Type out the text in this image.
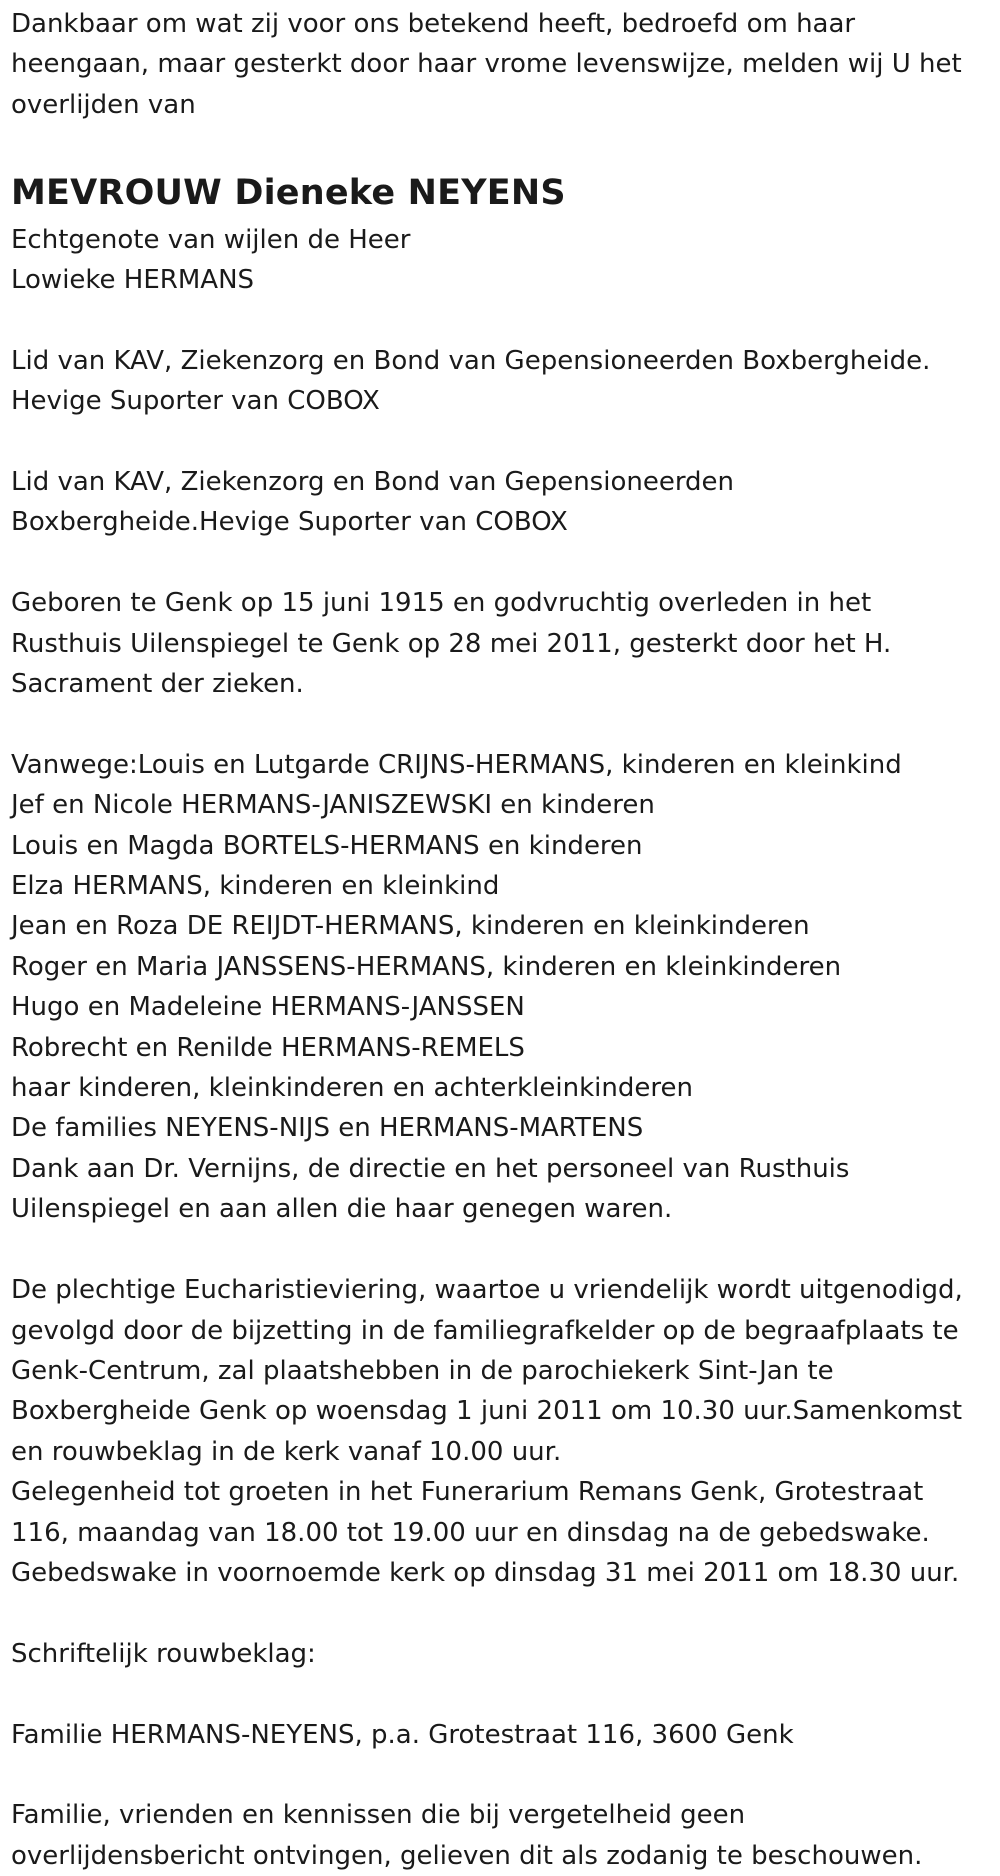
Dankbaar om wat zij voor ons betekend heeft, bedroefd om haar
heengaan, maar gesterkt door haar vrome levenswijze, melden wij U het
overlijden van
MEVROUW Dieneke NEYENS
Echtgenote van wijlen de Heer
Lowieke HERMANS
Lid van KAV, Ziekenzorg en Bond van Gepensioneerden Boxbergheide.
Hevige Suporter van COBOX
Lid van KAV, Ziekenzorg en Bond van Gepensioneerden
Boxbergheide.Hevige Suporter van COBOX
Geboren te Genk op 15 juni 1915 en godvruchtig overleden in het
Rusthuis Uilenspiegel te Genk op 28 mei 2011, gesterkt door het H.
Sacrament der zieken.
Vanwege:Louis en Lutgarde CRIJNS-HERMANS, kinderen en kleinkind
Jef en Nicole HERMANS-JANISZEWSKI en kinderen
Louis en Magda BORTELS-HERMANS en kinderen
Elza HERMANS, kinderen en kleinkind
Jean en Roza DE REIJDT-HERMANS, kinderen en kleinkinderen
Roger en Maria JANSSENS-HERMANS, kinderen en kleinkinderen
Hugo en Madeleine HERMANS-JANSSEN
Robrecht en Renilde HERMANS-REMELS
haar kinderen, kleinkinderen en achterkleinkinderen
De families NEYENS-NIJS en HERMANS-MARTENS
Dank aan Dr. Vernijns, de directie en het personeel van Rusthuis
Uilenspiegel en aan allen die haar genegen waren.
De plechtige Eucharistieviering, waartoe u vriendelijk wordt uitgenodigd,
gevolgd door de bijzetting in de familiegrafkelder op de begraafplaats te
Genk-Centrum, zal plaatshebben in de parochiekerk Sint-Jan te
Boxbergheide Genk op woensdag 1 juni 2011 om 10.30 uur.Samenkomst
en rouwbeklag in de kerk vanaf 10.00 uur.
Gelegenheid tot groeten in het Funerarium Remans Genk, Grotestraat
116, maandag van 18.00 tot 19.00 uur en dinsdag na de gebedswake.
Gebedswake in voornoemde kerk op dinsdag 31 mei 2011 om 18.30 uur.
Schriftelijk rouwbeklag:
Familie HERMANS-NEYENS, p.a. Grotestraat 116, 3600 Genk
Familie, vrienden en kennissen die bij vergetelheid geen
overlijdensbericht ontvingen, gelieven dit als zodanig te beschouwen.
